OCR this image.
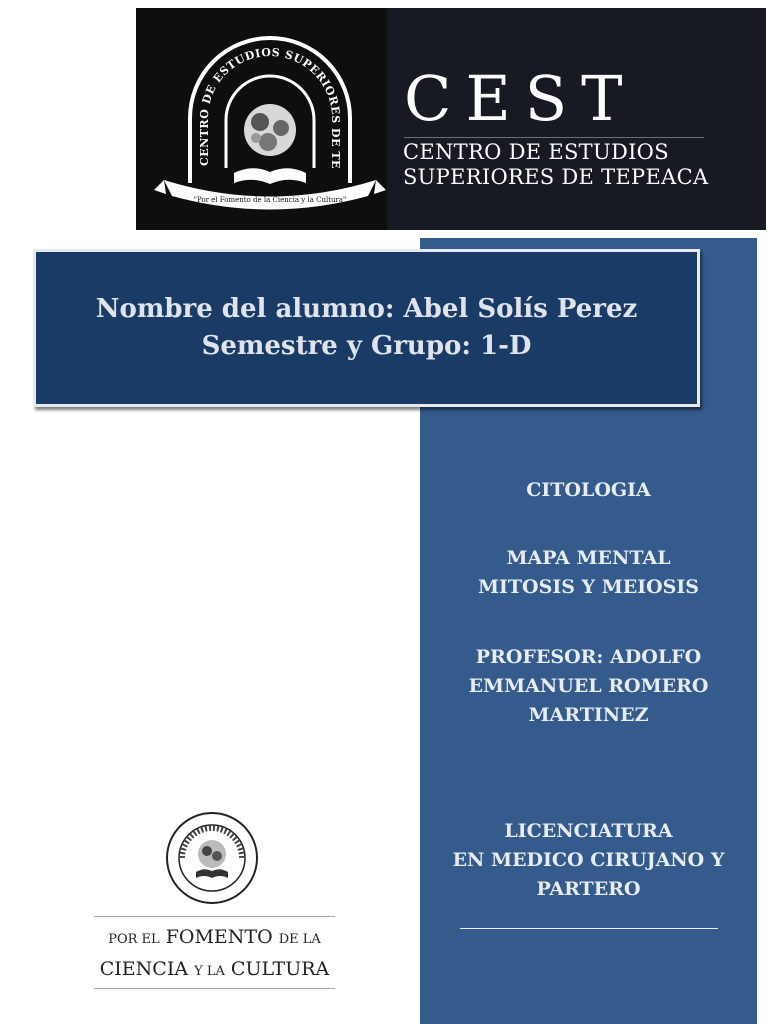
CENTRO DE ESTUDIOS SUPERIORES DE TE
"Por el Fomento de la Ciencia y la Cultura"
CEST
CENTRO DE ESTUDIOS
SUPERIORES DE TEPEACA
Nombre del alumno: Abel Solís Perez
Semestre y Grupo: 1-D
CITOLOGIA
MAPA MENTAL
MITOSIS Y MEIOSIS
PROFESOR: ADOLFO
EMMANUEL ROMERO
MARTINEZ
LICENCIATURA
EN MEDICO CIRUJANO Y
PARTERO
POR EL FOMENTO DE LA
CIENCIA Y LA CULTURA
